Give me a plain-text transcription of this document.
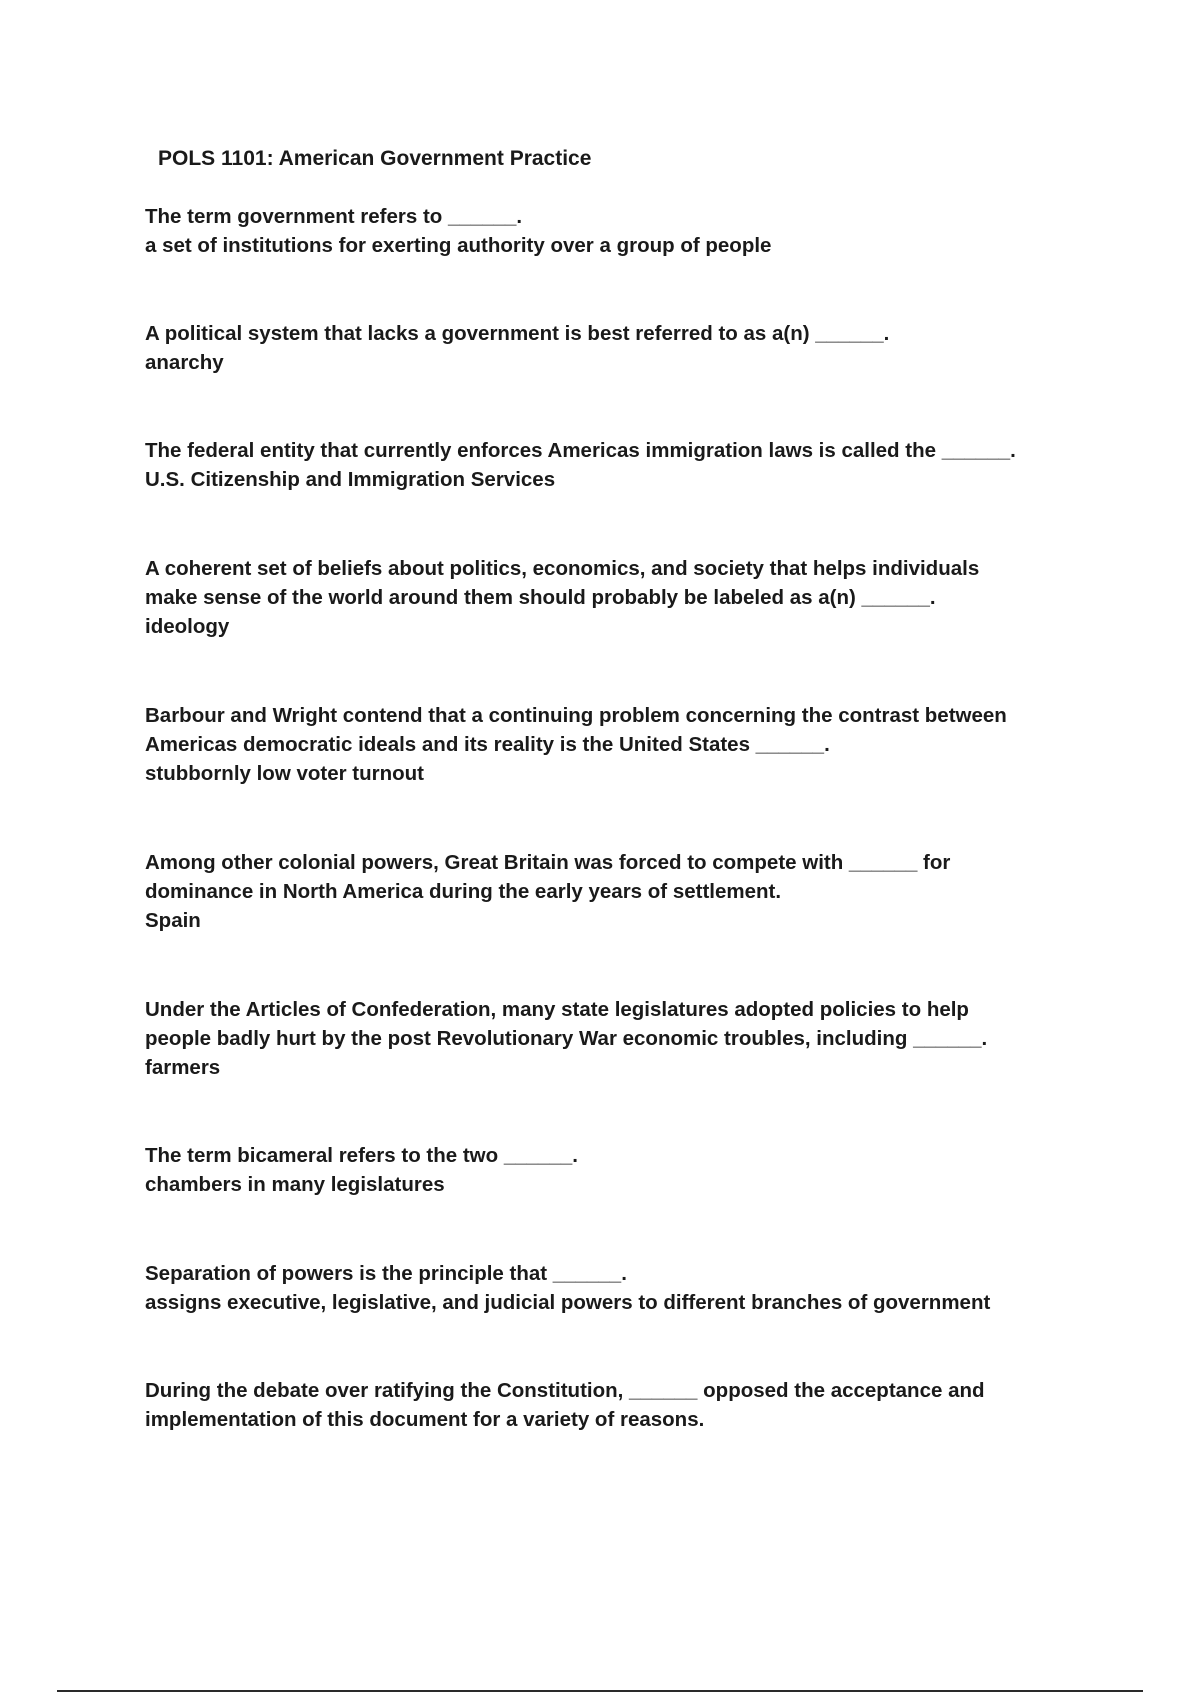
POLS 1101: American Government Practice

The term government refers to ______.

a set of institutions for exerting authority over a group of people

A political system that lacks a government is best referred to as a(n) ______.

anarchy

The federal entity that currently enforces Americas immigration laws is called the ______.

U.S. Citizenship and Immigration Services

A coherent set of beliefs about politics, economics, and society that helps individuals

make sense of the world around them should probably be labeled as a(n) ______.

ideology

Barbour and Wright contend that a continuing problem concerning the contrast between

Americas democratic ideals and its reality is the United States ______.

stubbornly low voter turnout

Among other colonial powers, Great Britain was forced to compete with ______ for

dominance in North America during the early years of settlement.

Spain

Under the Articles of Confederation, many state legislatures adopted policies to help

people badly hurt by the post Revolutionary War economic troubles, including ______.

farmers

The term bicameral refers to the two ______.

chambers in many legislatures

Separation of powers is the principle that ______.

assigns executive, legislative, and judicial powers to different branches of government

During the debate over ratifying the Constitution, ______ opposed the acceptance and

implementation of this document for a variety of reasons.
